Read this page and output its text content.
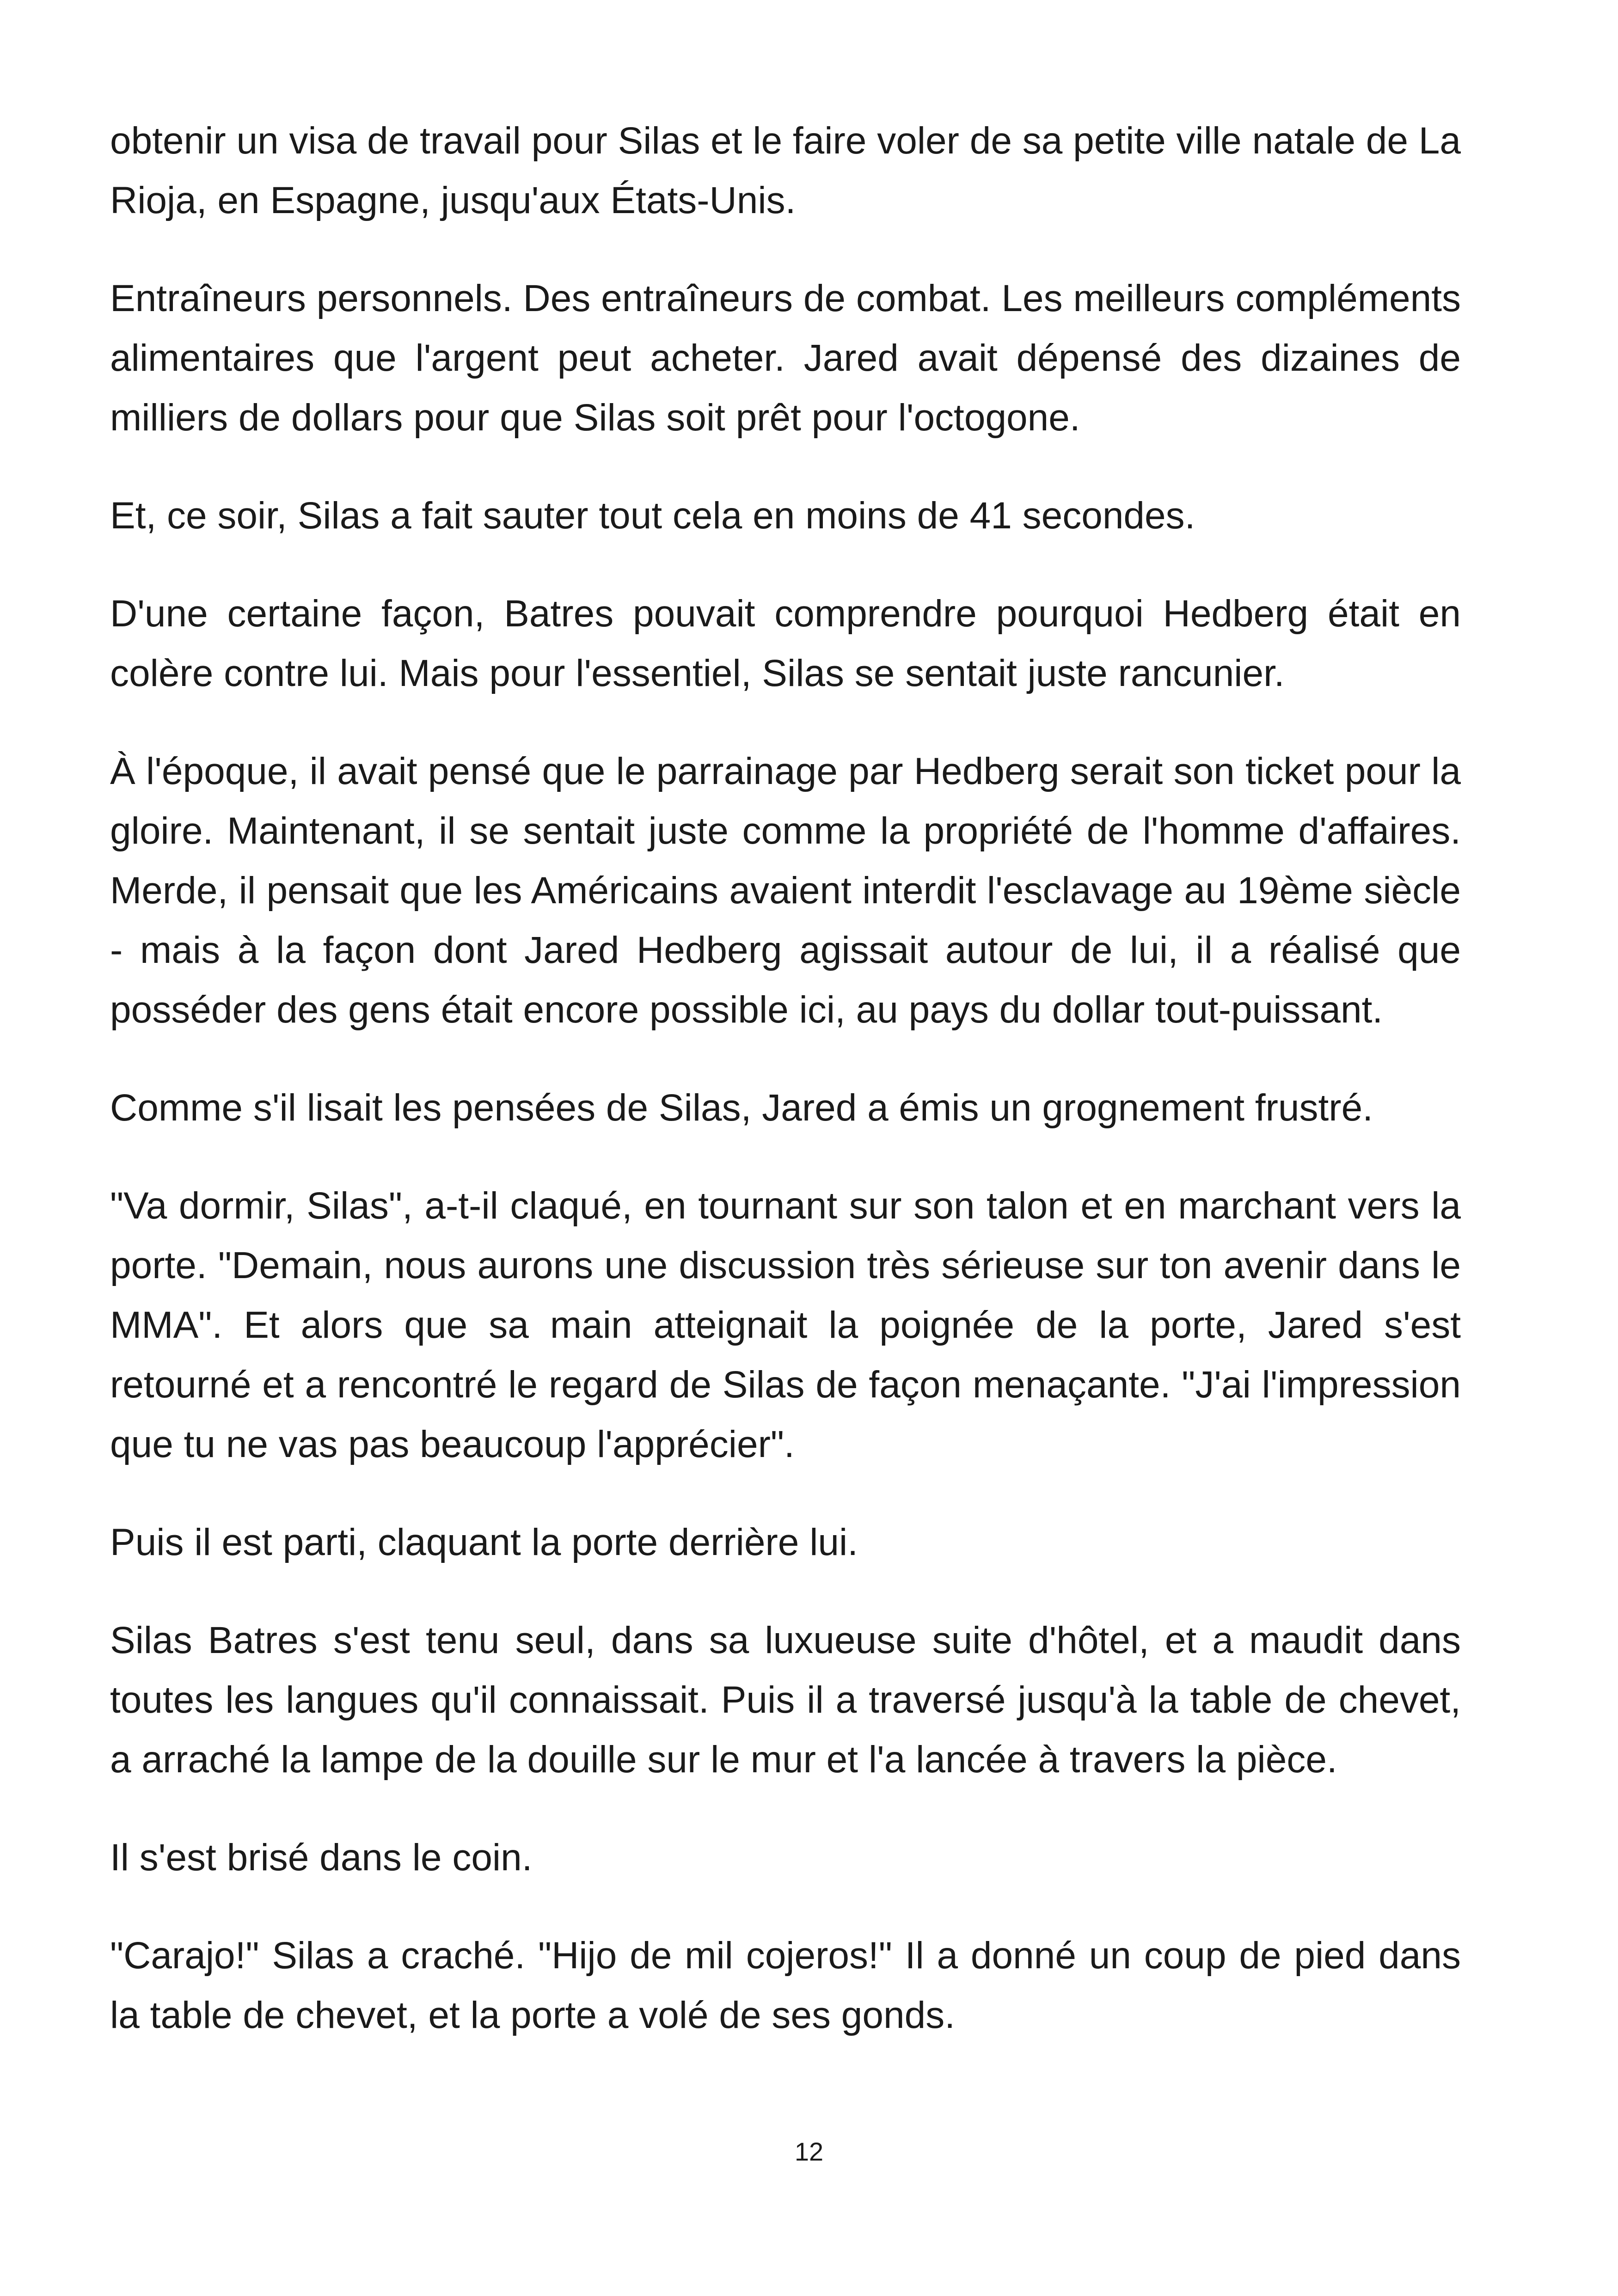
obtenir un visa de travail pour Silas et le faire voler de sa petite ville natale de La Rioja, en Espagne, jusqu'aux États-Unis.

Entraîneurs personnels. Des entraîneurs de combat. Les meilleurs compléments alimentaires que l'argent peut acheter. Jared avait dépensé des dizaines de milliers de dollars pour que Silas soit prêt pour l'octogone.

Et, ce soir, Silas a fait sauter tout cela en moins de 41 secondes.

D'une certaine façon, Batres pouvait comprendre pourquoi Hedberg était en colère contre lui. Mais pour l'essentiel, Silas se sentait juste rancunier.

À l'époque, il avait pensé que le parrainage par Hedberg serait son ticket pour la gloire. Maintenant, il se sentait juste comme la propriété de l'homme d'affaires. Merde, il pensait que les Américains avaient interdit l'esclavage au 19ème siècle - mais à la façon dont Jared Hedberg agissait autour de lui, il a réalisé que posséder des gens était encore possible ici, au pays du dollar tout-puissant.

Comme s'il lisait les pensées de Silas, Jared a émis un grognement frustré.

"Va dormir, Silas", a-t-il claqué, en tournant sur son talon et en marchant vers la porte. "Demain, nous aurons une discussion très sérieuse sur ton avenir dans le MMA". Et alors que sa main atteignait la poignée de la porte, Jared s'est retourné et a rencontré le regard de Silas de façon menaçante. "J'ai l'impression que tu ne vas pas beaucoup l'apprécier".

Puis il est parti, claquant la porte derrière lui.

Silas Batres s'est tenu seul, dans sa luxueuse suite d'hôtel, et a maudit dans toutes les langues qu'il connaissait. Puis il a traversé jusqu'à la table de chevet, a arraché la lampe de la douille sur le mur et l'a lancée à travers la pièce.

Il s'est brisé dans le coin.

"Carajo!" Silas a craché. "Hijo de mil cojeros!" Il a donné un coup de pied dans la table de chevet, et la porte a volé de ses gonds.

12
